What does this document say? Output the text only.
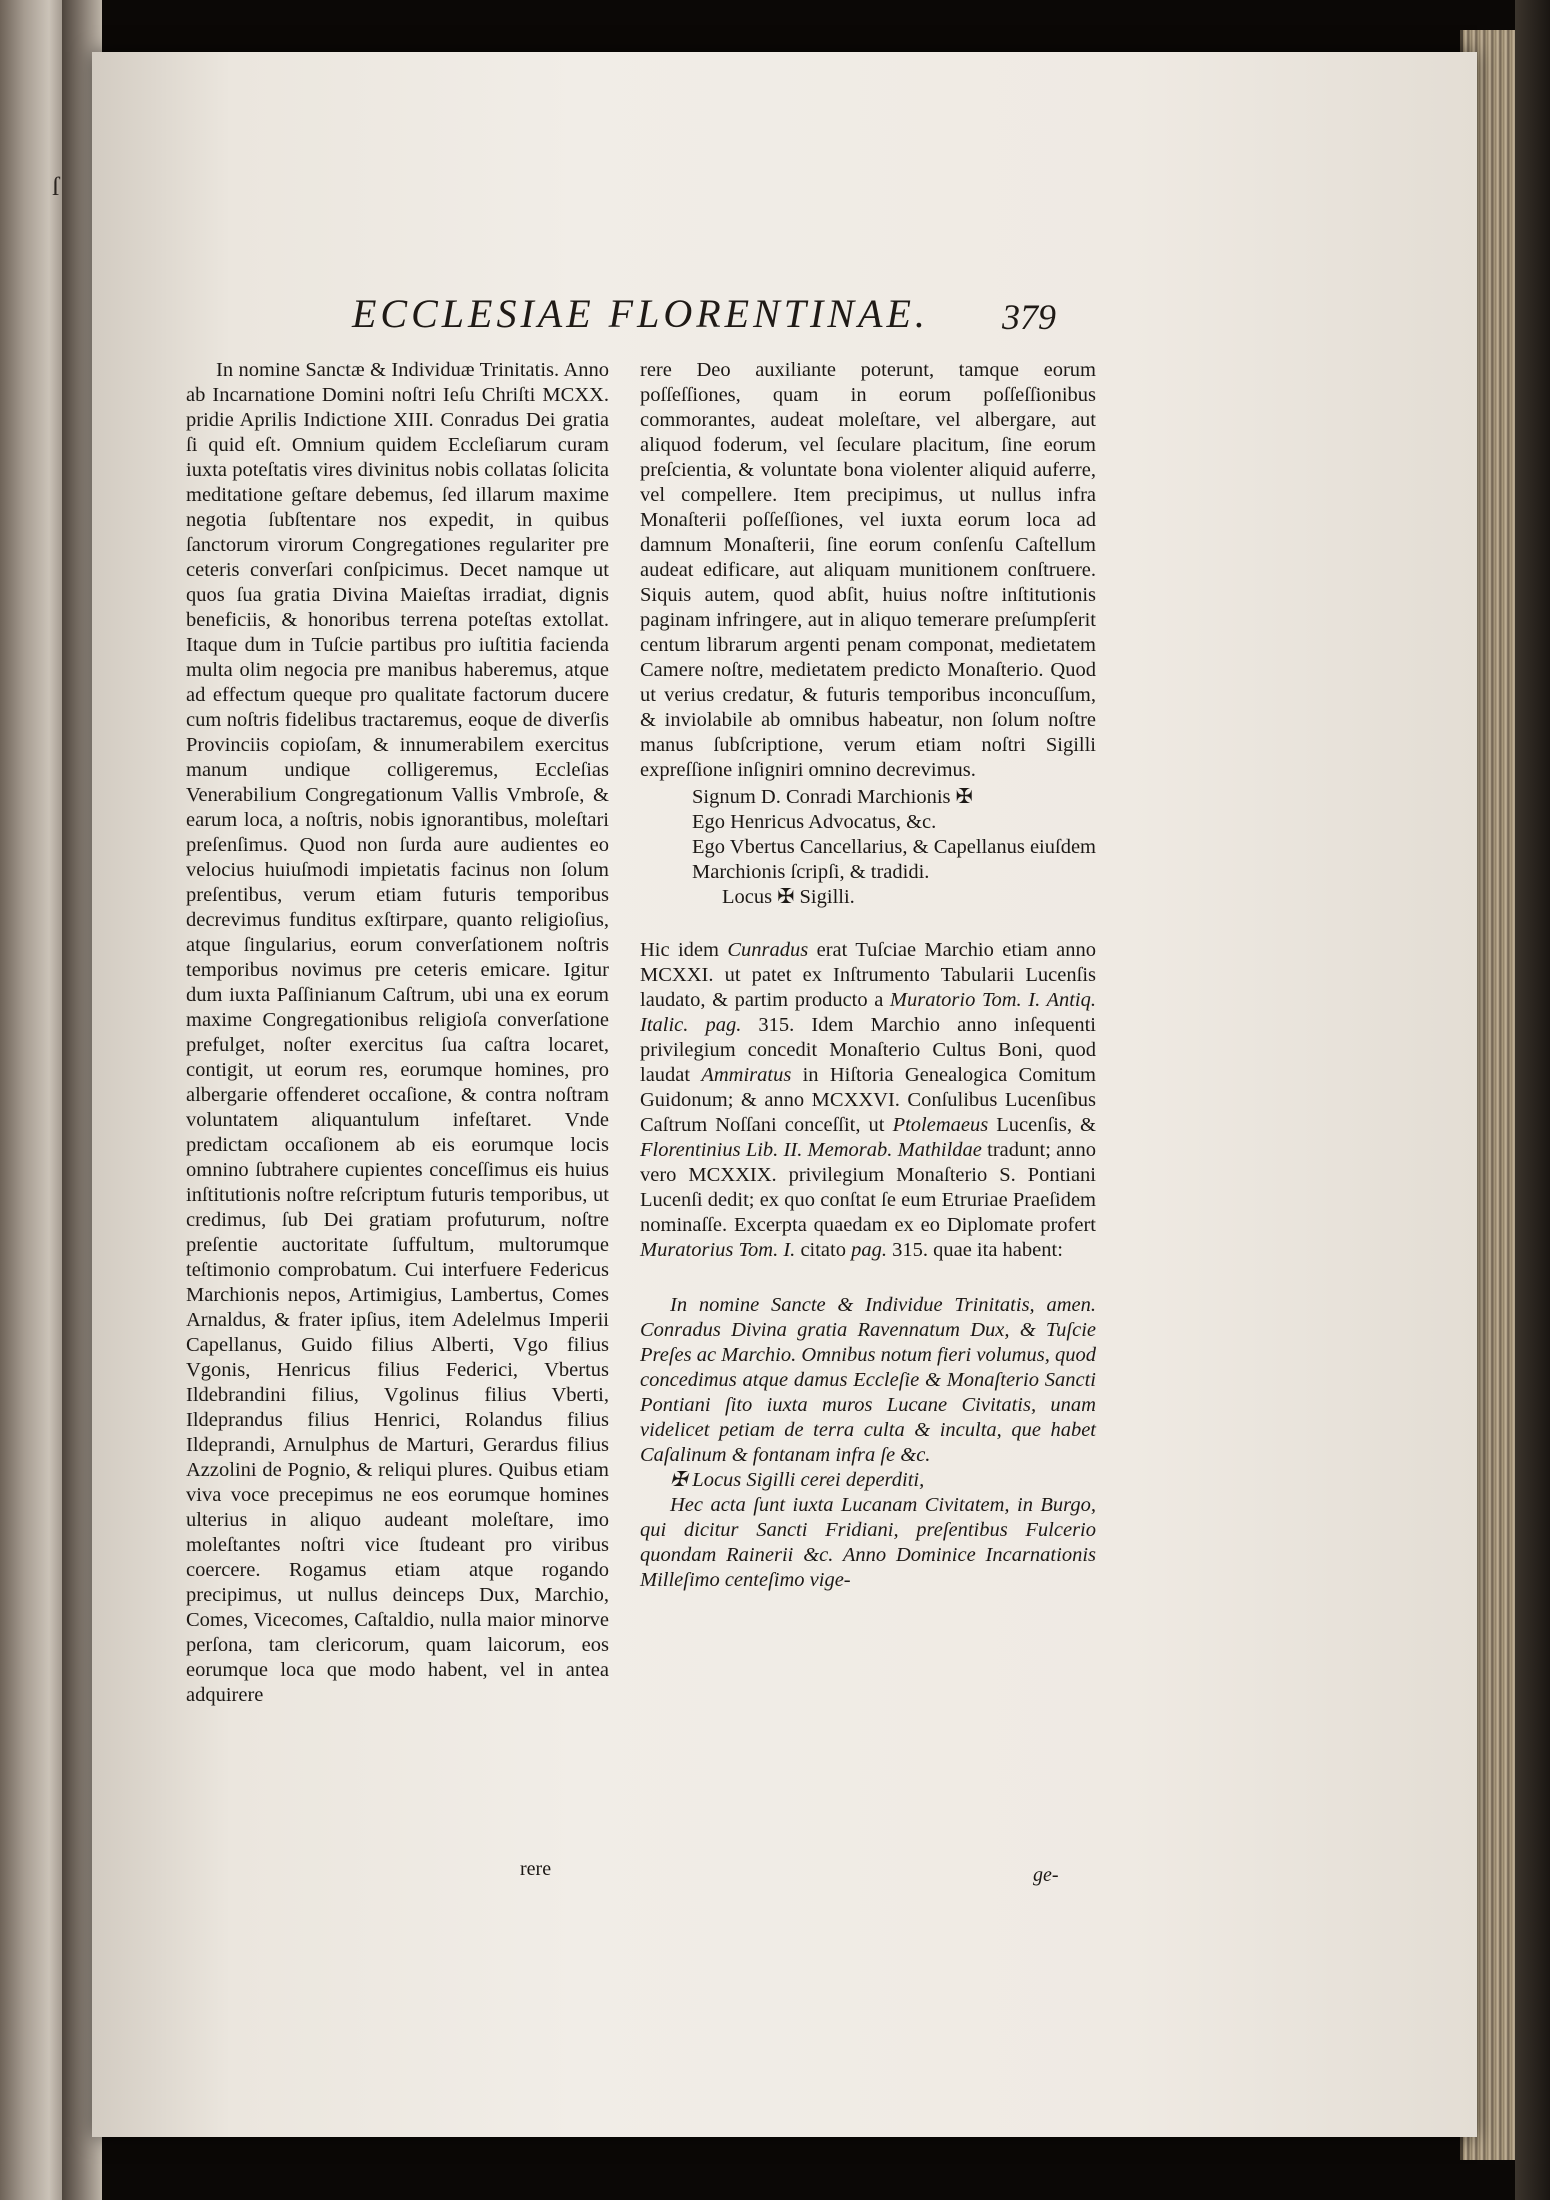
ſ
ECCLESIAE FLORENTINAE. 379

In nomine Sanctæ & Individuæ Trinitatis. Anno ab Incarnatione Domini noſtri Ieſu Chriſti MCXX. pridie Aprilis Indictione XIII. Conradus Dei gratia ſi quid eſt. Omnium quidem Eccleſiarum curam iuxta poteſtatis vires divinitus nobis collatas ſolicita meditatione geſtare debemus, ſed illarum maxime negotia ſubſtentare nos expedit, in quibus ſanctorum virorum Congregationes regulariter pre ceteris converſari conſpicimus. Decet namque ut quos ſua gratia Divina Maieſtas irradiat, dignis beneficiis, & honoribus terrena poteſtas extollat. Itaque dum in Tuſcie partibus pro iuſtitia facienda multa olim negocia pre manibus haberemus, atque ad effectum queque pro qualitate factorum ducere cum noſtris fidelibus tractaremus, eoque de diverſis Provinciis copioſam, & innumerabilem exercitus manum undique colligeremus, Eccleſias Venerabilium Congregationum Vallis Vmbroſe, & earum loca, a noſtris, nobis ignorantibus, moleſtari preſenſimus. Quod non ſurda aure audientes eo velocius huiuſmodi impietatis facinus non ſolum preſentibus, verum etiam futuris temporibus decrevimus funditus exſtirpare, quanto religioſius, atque ſingularius, eorum converſationem noſtris temporibus novimus pre ceteris emicare. Igitur dum iuxta Paſſinianum Caſtrum, ubi una ex eorum maxime Congregationibus religioſa converſatione prefulget, noſter exercitus ſua caſtra locaret, contigit, ut eorum res, eorumque homines, pro albergarie offenderet occaſione, & contra noſtram voluntatem aliquantulum infeſtaret. Vnde predictam occaſionem ab eis eorumque locis omnino ſubtrahere cupientes conceſſimus eis huius inſtitutionis noſtre reſcriptum futuris temporibus, ut credimus, ſub Dei gratiam profuturum, noſtre preſentie auctoritate ſuffultum, multorumque teſtimonio comprobatum. Cui interfuere Federicus Marchionis nepos, Artimigius, Lambertus, Comes Arnaldus, & frater ipſius, item Adelelmus Imperii Capellanus, Guido filius Alberti, Vgo filius Vgonis, Henricus filius Federici, Vbertus Ildebrandini filius, Vgolinus filius Vberti, Ildeprandus filius Henrici, Rolandus filius Ildeprandi, Arnulphus de Marturi, Gerardus filius Azzolini de Pognio, & reliqui plures. Quibus etiam viva voce precepimus ne eos eorumque homines ulterius in aliquo audeant moleſtare, imo moleſtantes noſtri vice ſtudeant pro viribus coercere. Rogamus etiam atque rogando precipimus, ut nullus deinceps Dux, Marchio, Comes, Vicecomes, Caſtaldio, nulla maior minorve perſona, tam clericorum, quam laicorum, eos eorumque loca que modo habent, vel in antea adquirere

rere

rere Deo auxiliante poterunt, tamque eorum poſſeſſiones, quam in eorum poſſeſſionibus commorantes, audeat moleſtare, vel albergare, aut aliquod foderum, vel ſeculare placitum, ſine eorum preſcientia, & voluntate bona violenter aliquid auferre, vel compellere. Item precipimus, ut nullus infra Monaſterii poſſeſſiones, vel iuxta eorum loca ad damnum Monaſterii, ſine eorum conſenſu Caſtellum audeat edificare, aut aliquam munitionem conſtruere. Siquis autem, quod abſit, huius noſtre inſtitutionis paginam infringere, aut in aliquo temerare preſumpſerit centum librarum argenti penam componat, medietatem Camere noſtre, medietatem predicto Monaſterio. Quod ut verius credatur, & futuris temporibus inconcuſſum, & inviolabile ab omnibus habeatur, non ſolum noſtre manus ſubſcriptione, verum etiam noſtri Sigilli expreſſione inſigniri omnino decrevimus.

Signum D. Conradi Marchionis ✠

Ego Henricus Advocatus, &c.

Ego Vbertus Cancellarius, & Capellanus eiuſdem Marchionis ſcripſi, & tradidi.

Locus ✠ Sigilli.

Hic idem Cunradus erat Tuſciae Marchio etiam anno MCXXI. ut patet ex Inſtrumento Tabularii Lucenſis laudato, & partim producto a Muratorio Tom. I. Antiq. Italic. pag. 315. Idem Marchio anno inſequenti privilegium concedit Monaſterio Cultus Boni, quod laudat Ammiratus in Hiſtoria Genealogica Comitum Guidonum; & anno MCXXVI. Conſulibus Lucenſibus Caſtrum Noſſani conceſſit, ut Ptolemaeus Lucenſis, & Florentinius Lib. II. Memorab. Mathildae tradunt; anno vero MCXXIX. privilegium Monaſterio S. Pontiani Lucenſi dedit; ex quo conſtat ſe eum Etruriae Praeſidem nominaſſe. Excerpta quaedam ex eo Diplomate profert Muratorius Tom. I. citato pag. 315. quae ita habent:

In nomine Sancte & Individue Trinitatis, amen. Conradus Divina gratia Ravennatum Dux, & Tuſcie Preſes ac Marchio. Omnibus notum fieri volumus, quod concedimus atque damus Eccleſie & Monaſterio Sancti Pontiani ſito iuxta muros Lucane Civitatis, unam videlicet petiam de terra culta & inculta, que habet Caſalinum & fontanam infra ſe &c.

✠ Locus Sigilli cerei deperditi,

Hec acta ſunt iuxta Lucanam Civitatem, in Burgo, qui dicitur Sancti Fridiani, preſentibus Fulcerio quondam Rainerii &c. Anno Dominice Incarnationis Milleſimo centeſimo vige-

ge-
